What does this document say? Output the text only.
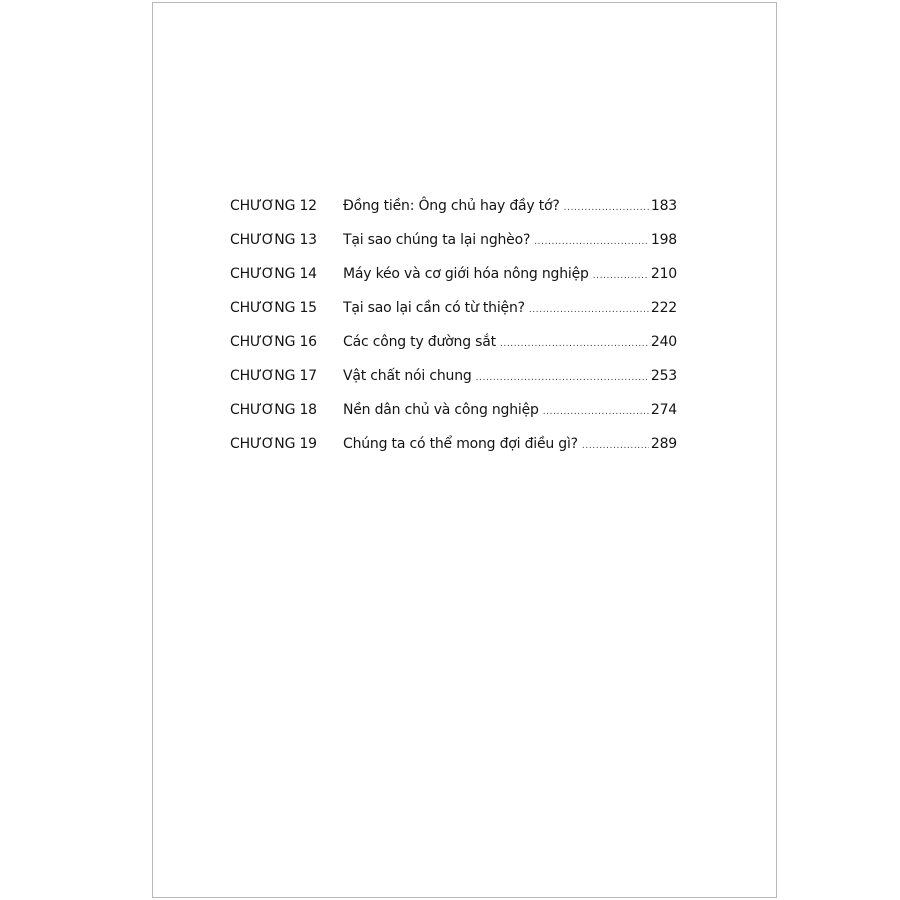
CHƯƠNG 12	Đồng tiền: Ông chủ hay đầy tớ? .....	183
CHƯƠNG 13	Tại sao chúng ta lại nghèo? .....	198
CHƯƠNG 14	Máy kéo và cơ giới hóa nông nghiệp .....	210
CHƯƠNG 15	Tại sao lại cần có từ thiện? .....	222
CHƯƠNG 16	Các công ty đường sắt .....	240
CHƯƠNG 17	Vật chất nói chung .....	253
CHƯƠNG 18	Nền dân chủ và công nghiệp .....	274
CHƯƠNG 19	Chúng ta có thể mong đợi điều gì? .....	289
